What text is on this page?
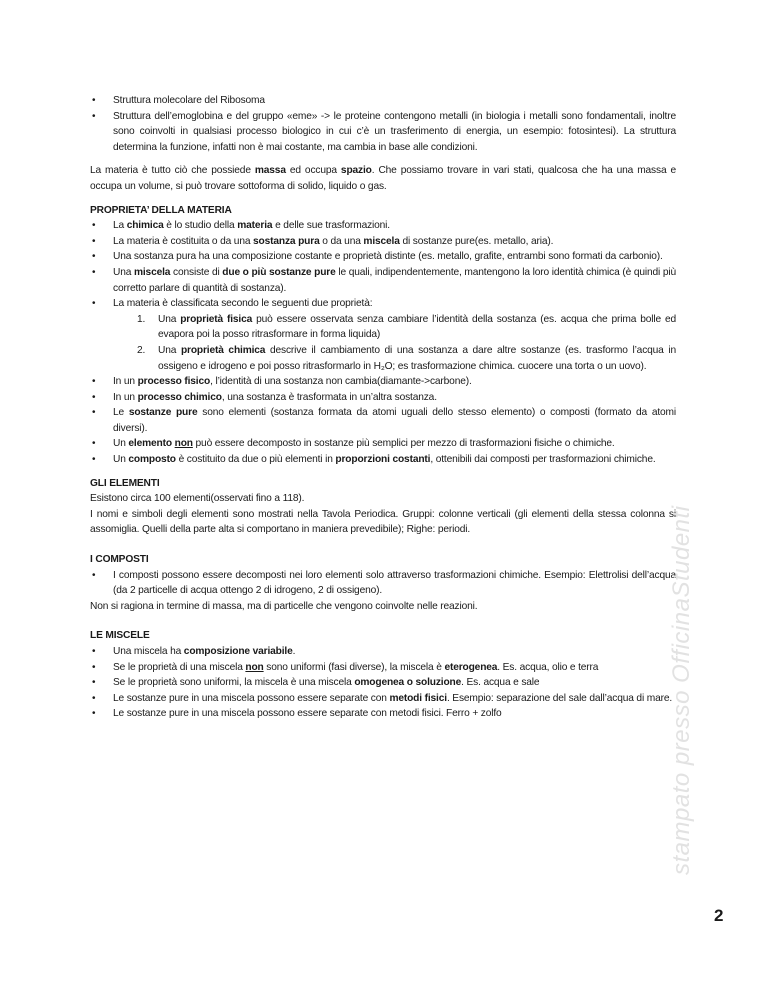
• Struttura molecolare del Ribosoma
• Struttura dell’emoglobina e del gruppo «eme» -> le proteine contengono metalli (in biologia i metalli sono fondamentali, inoltre sono coinvolti in qualsiasi processo biologico in cui c’è un trasferimento di energia, un esempio: fotosintesi). La struttura determina la funzione, infatti non è mai costante, ma cambia in base alle condizioni.
La materia è tutto ciò che possiede massa ed occupa spazio. Che possiamo trovare in vari stati, qualcosa che ha una massa e occupa un volume, si può trovare sottoforma di solido, liquido o gas.
PROPRIETA’ DELLA MATERIA
• La chimica è lo studio della materia e delle sue trasformazioni.
• La materia è costituita o da una sostanza pura o da una miscela di sostanze pure(es. metallo, aria).
• Una sostanza pura ha una composizione costante e proprietà distinte (es. metallo, grafite, entrambi sono formati da carbonio).
• Una miscela consiste di due o più sostanze pure le quali, indipendentemente, mantengono la loro identità chimica (è quindi più corretto parlare di quantità di sostanza).
• La materia è classificata secondo le seguenti due proprietà:
1. Una proprietà fisica può essere osservata senza cambiare l’identità della sostanza (es. acqua che prima bolle ed evapora poi la posso ritrasformare in forma liquida)
2. Una proprietà chimica descrive il cambiamento di una sostanza a dare altre sostanze (es. trasformo l’acqua in ossigeno e idrogeno e poi posso ritrasformarlo in H₂O; es trasformazione chimica. cuocere una torta o un uovo).
• In un processo fisico, l’identità di una sostanza non cambia(diamante->carbone).
• In un processo chimico, una sostanza è trasformata in un’altra sostanza.
• Le sostanze pure sono elementi (sostanza formata da atomi uguali dello stesso elemento) o composti (formato da atomi diversi).
• Un elemento non può essere decomposto in sostanze più semplici per mezzo di trasformazioni fisiche o chimiche.
• Un composto è costituito da due o più elementi in proporzioni costanti, ottenibili dai composti per trasformazioni chimiche.
GLI ELEMENTI
Esistono circa 100 elementi(osservati fino a 118).
I nomi e simboli degli elementi sono mostrati nella Tavola Periodica. Gruppi: colonne verticali (gli elementi della stessa colonna si assomiglia. Quelli della parte alta si comportano in maniera prevedibile); Righe: periodi.
I COMPOSTI
• I composti possono essere decomposti nei loro elementi solo attraverso trasformazioni chimiche. Esempio: Elettrolisi dell’acqua (da 2 particelle di acqua ottengo 2 di idrogeno, 2 di ossigeno).
Non si ragiona in termine di massa, ma di particelle che vengono coinvolte nelle reazioni.
LE MISCELE
• Una miscela ha composizione variabile.
• Se le proprietà di una miscela non sono uniformi (fasi diverse), la miscela è eterogenea. Es. acqua, olio e terra
• Se le proprietà sono uniformi, la miscela è una miscela omogenea o soluzione. Es. acqua e sale
• Le sostanze pure in una miscela possono essere separate con metodi fisici. Esempio: separazione del sale dall’acqua di mare.
• Le sostanze pure in una miscela possono essere separate con metodi fisici. Ferro + zolfo	stampato presso OfficinaStudenti
2
